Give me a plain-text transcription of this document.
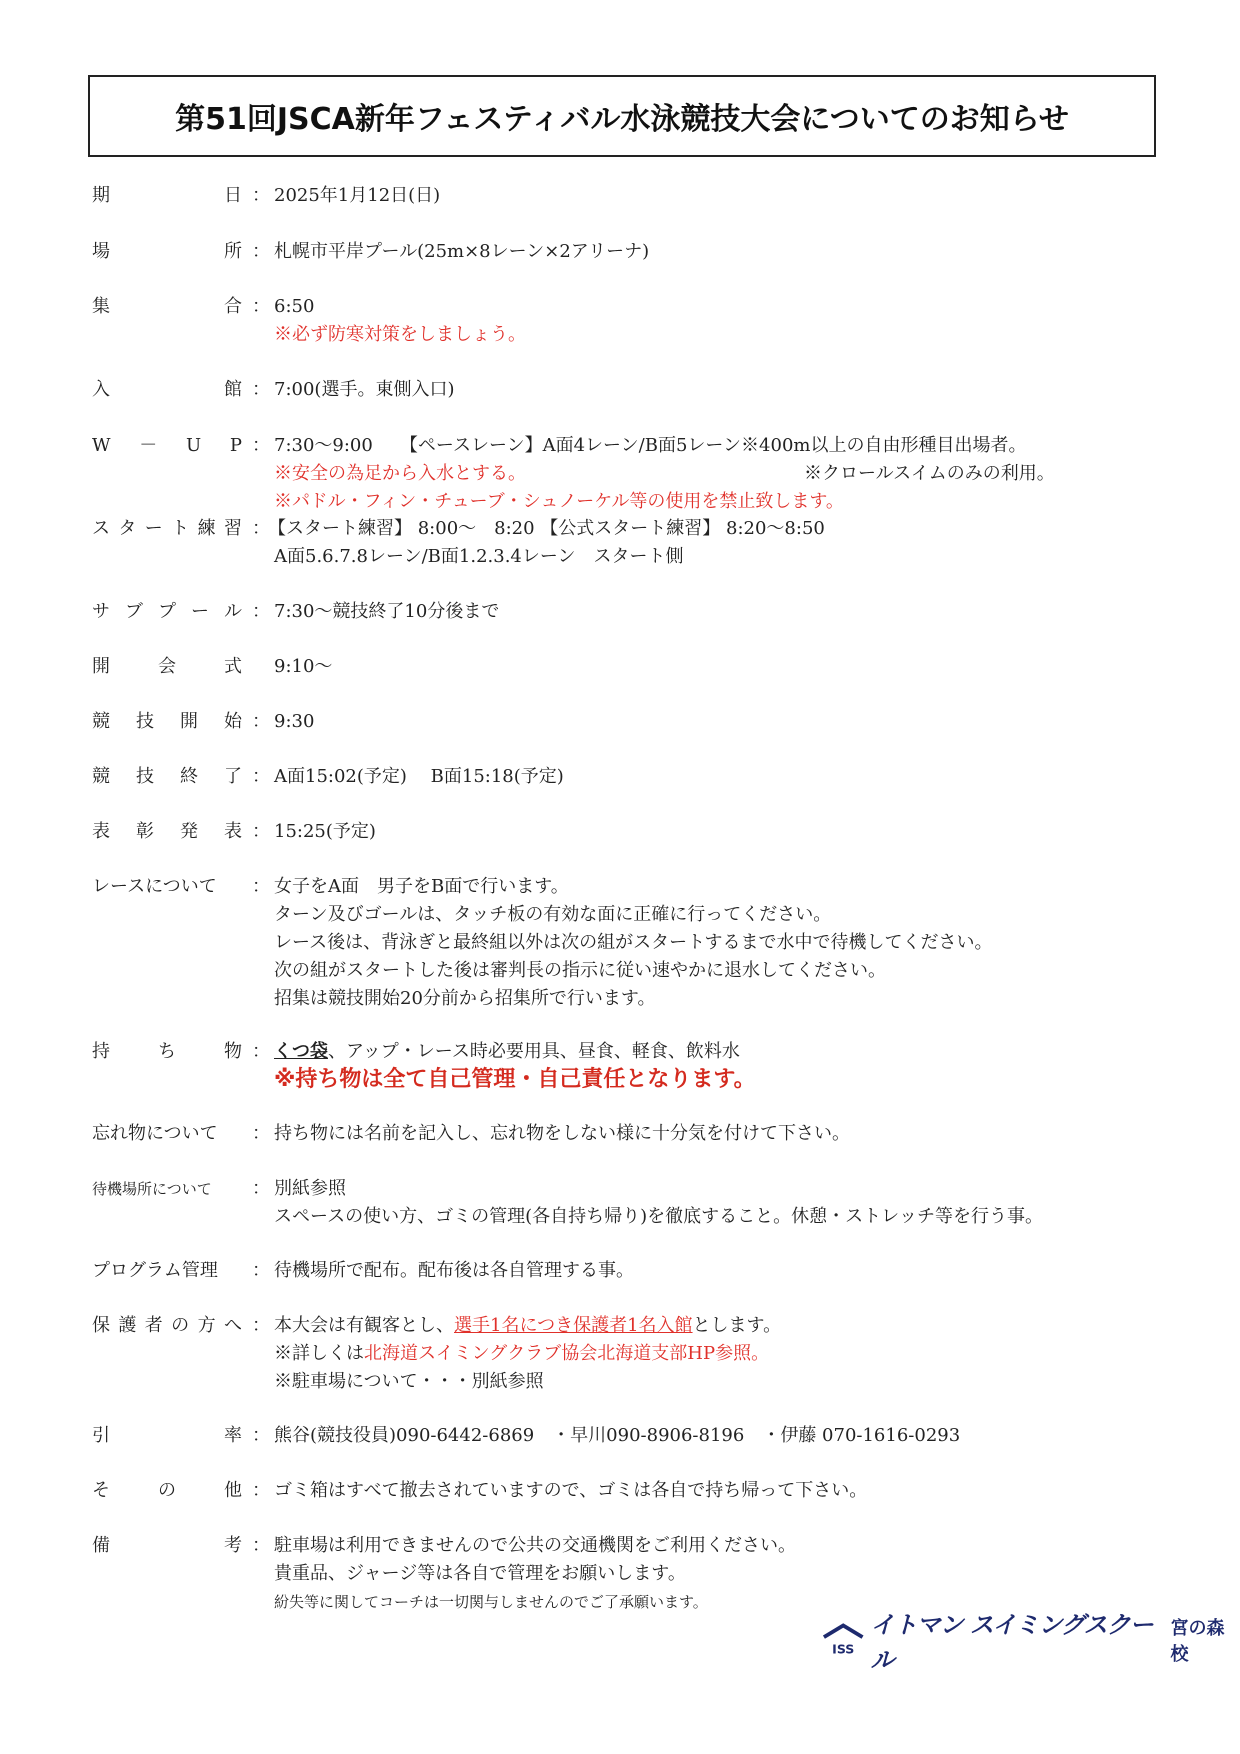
第51回JSCA新年フェスティバル水泳競技大会についてのお知らせ
期	日 ： 2025年1月12日(日)
場	所 ： 札幌市平岸プール(25m×8レーン×2アリーナ)
集	合 ： 6:50
※必ず防寒対策をしましょう。
入	館 ： 7:00(選手。東側入口)
W － U P ： 7:30～9:00　　【ペースレーン】A面4レーン/B面5レーン※400m以上の自由形種目出場者。
※安全の為足から入水とする。	※クロールスイムのみの利用。
※パドル・フィン・チューブ・シュノーケル等の使用を禁止致します。
ス タ ー ト 練 習 ：
【スタート練習】 8:00～　8:20 【公式スタート練習】 8:20～8:50
A面5.6.7.8レーン/B面1.2.3.4レーン　スタート側
サ ブ プ ー ル ： 7:30～競技終了10分後まで
開	会	式 9:10～
競 技 開 始 ： 9:30
競 技 終 了 ： A面15:02(予定)　 B面15:18(予定)
表 彰 発 表 ： 15:25(予定)
レースについて	： 女子をA面　男子をB面で行います。
ターン及びゴールは、タッチ板の有効な面に正確に行ってください。
レース後は、背泳ぎと最終組以外は次の組がスタートするまで水中で待機してください。
次の組がスタートした後は審判長の指示に従い速やかに退水してください。
招集は競技開始20分前から招集所で行います。
持	ち	物 ： くつ袋、アップ・レース時必要用具、昼食、軽食、飲料水
※持ち物は全て自己管理・自己責任となります。
忘れ物について	： 持ち物には名前を記入し、忘れ物をしない様に十分気を付けて下さい。
待機場所について	： 別紙参照
スペースの使い方、ゴミの管理(各自持ち帰り)を徹底すること。休憩・ストレッチ等を行う事。
プログラム管理	： 待機場所で配布。配布後は各自管理する事。
保 護 者 の 方 へ ： 本大会は有観客とし、選手1名につき保護者1名入館とします。
※詳しくは北海道スイミングクラブ協会北海道支部HP参照。
※駐車場について・・・別紙参照
引	率 ： 熊谷(競技役員)090-6442-6869　・早川090-8906-8196　・伊藤 070-1616-0293
そ	の	他 ： ゴミ箱はすべて撤去されていますので、ゴミは各自で持ち帰って下さい。
備	考 ： 駐車場は利用できませんので公共の交通機関をご利用ください。
貴重品、ジャージ等は各自で管理をお願いします。
紛失等に関してコーチは一切関与しませんのでご了承願います。
ISS
イトマン スイミングスクール
宮の森校
